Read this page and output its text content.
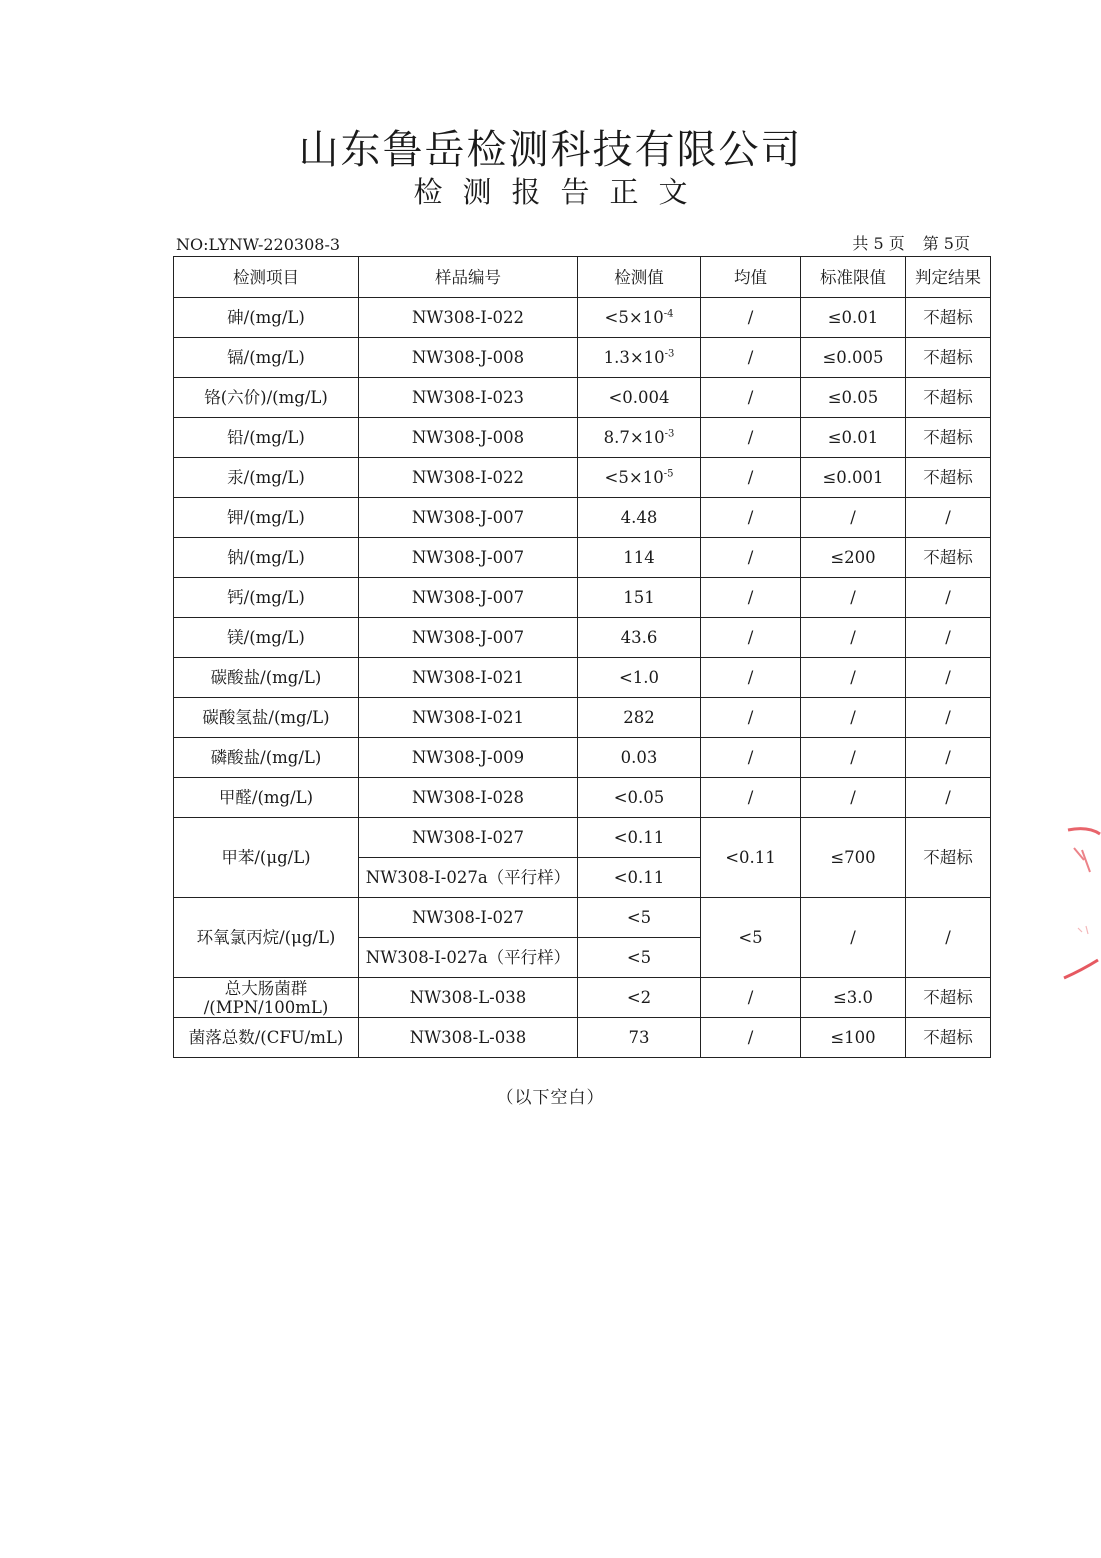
山东鲁岳检测科技有限公司
检测报告正文
NO:LYNW-220308-3	共 5 页 第 5页
检测项目	样品编号	检测值	均值	标准限值	判定结果
砷/(mg/L)	NW308-I-022	$<5\times 10^{-4}$	/	≤0.01	不超标
镉/(mg/L)	NW308-J-008	$1.3\times 10^{-3}$	/	≤0.005	不超标
铬(六价)/(mg/L)	NW308-I-023	<0.004	/	≤0.05	不超标
铅/(mg/L)	NW308-J-008	$8.7\times 10^{-3}$	/	≤0.01	不超标
汞/(mg/L)	NW308-I-022	$<5\times 10^{-5}$	/	≤0.001	不超标
钾/(mg/L)	NW308-J-007	4.48	/	/	/
钠/(mg/L)	NW308-J-007	114	/	≤200	不超标
钙/(mg/L)	NW308-J-007	151	/	/	/
镁/(mg/L)	NW308-J-007	43.6	/	/	/
碳酸盐/(mg/L)	NW308-I-021	<1.0	/	/	/
碳酸氢盐/(mg/L)	NW308-I-021	282	/	/	/
磷酸盐/(mg/L)	NW308-J-009	0.03	/	/	/
甲醛/(mg/L)	NW308-I-028	<0.05	/	/	/
甲苯/(μg/L)	NW308-I-027	<0.11	<0.11	≤700	不超标
	NW308-I-027a（平行样）	<0.11			
环氧氯丙烷/(μg/L)	NW308-I-027	<5	<5	/	/
	NW308-I-027a（平行样）	<5			

总大肠菌群
/(MPN/100mL)	NW308-L-038	<2	/	≤3.0	不超标
菌落总数/(CFU/mL)	NW308-L-038	73	/	≤100	不超标
（以下空白）
